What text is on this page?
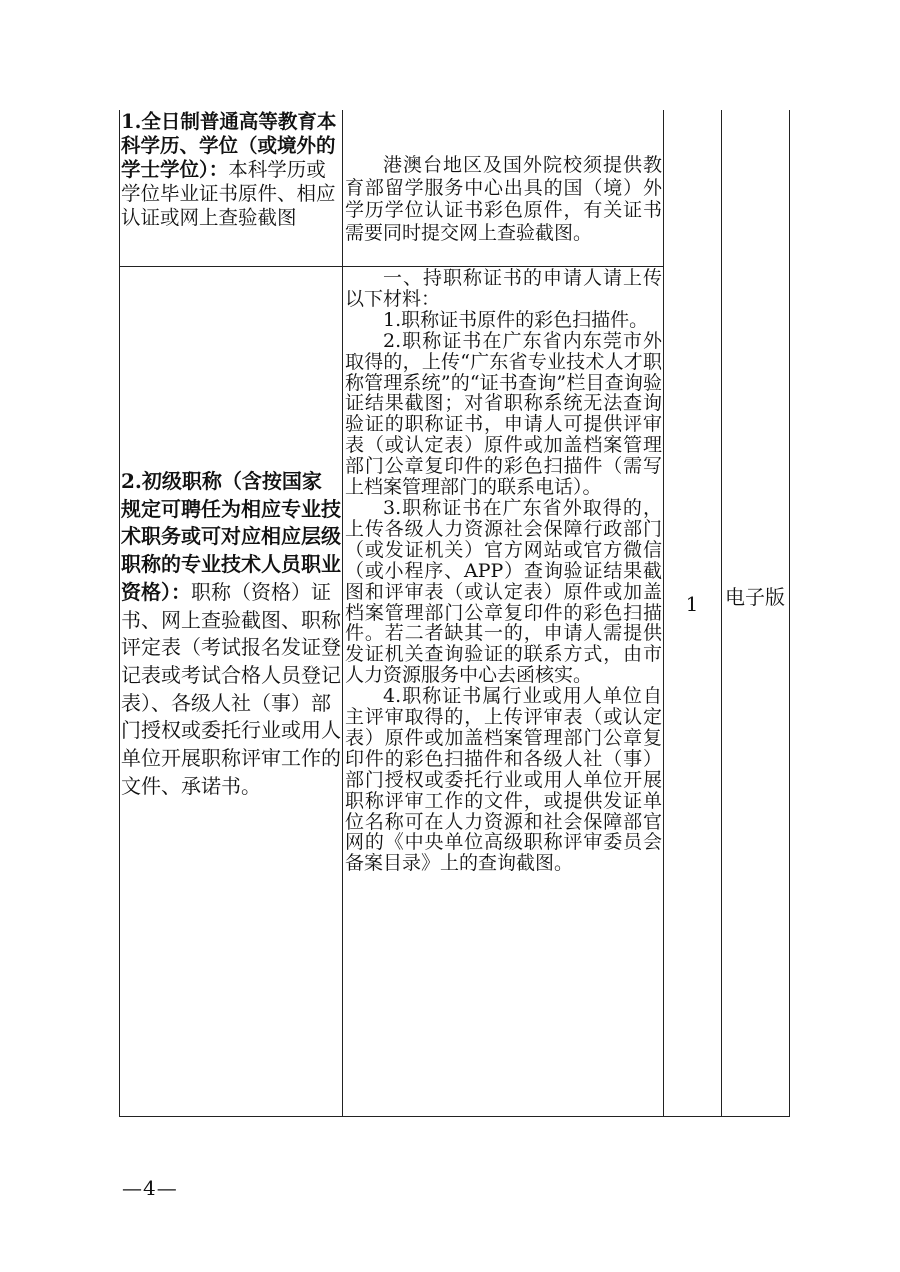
1.全日制普通高等教育本科学历、学位（或境外的学士学位）：本科学历或学位毕业证书原件、相应认证或网上查验截图

港澳台地区及国外院校须提供教育部留学服务中心出具的国（境）外学历学位认证书彩色原件，有关证书需要同时提交网上查验截图。

2.初级职称（含按国家规定可聘任为相应专业技术职务或可对应相应层级职称的专业技术人员职业资格）：职称（资格）证书、网上查验截图、职称评定表（考试报名发证登记表或考试合格人员登记表）、各级人社（事）部门授权或委托行业或用人单位开展职称评审工作的文件、承诺书。

一、持职称证书的申请人请上传以下材料：

1.职称证书原件的彩色扫描件。

2.职称证书在广东省内东莞市外取得的，上传“广东省专业技术人才职称管理系统”的“证书查询”栏目查询验证结果截图；对省职称系统无法查询验证的职称证书，申请人可提供评审表（或认定表）原件或加盖档案管理部门公章复印件的彩色扫描件（需写上档案管理部门的联系电话）。

3.职称证书在广东省外取得的，上传各级人力资源社会保障行政部门（或发证机关）官方网站或官方微信（或小程序、APP）查询验证结果截图和评审表（或认定表）原件或加盖档案管理部门公章复印件的彩色扫描件。若二者缺其一的，申请人需提供发证机关查询验证的联系方式，由市人力资源服务中心去函核实。

4.职称证书属行业或用人单位自主评审取得的，上传评审表（或认定表）原件或加盖档案管理部门公章复印件的彩色扫描件和各级人社（事）部门授权或委托行业或用人单位开展职称评审工作的文件，或提供发证单位名称可在人力资源和社会保障部官网的《中央单位高级职称评审委员会备案目录》上的查询截图。

1	电子版
—4—
